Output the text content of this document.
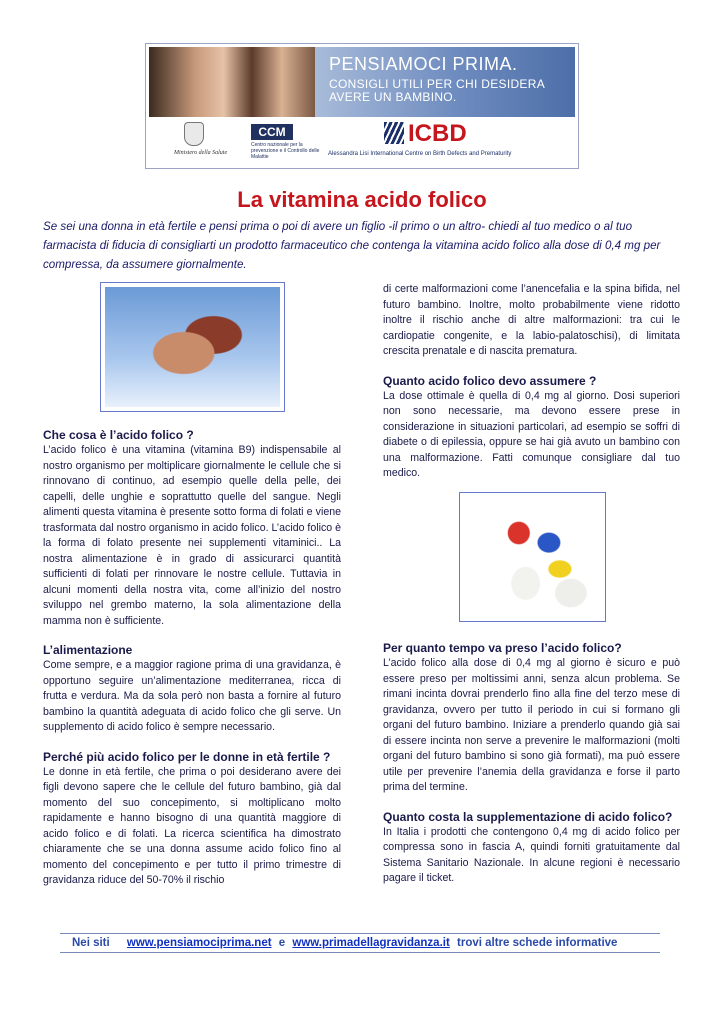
PENSIAMOCI PRIMA.
CONSIGLI UTILI PER CHI DESIDERA AVERE UN BAMBINO.
Ministero della Salute
CCM
Centro nazionale per la prevenzione e il Controllo delle Malattie
ICBD
Alessandra Lisi International Centre on Birth Defects and Prematurity
La vitamina acido folico

Se sei una donna in età fertile e pensi prima o poi di avere un figlio -il primo o un altro- chiedi al tuo medico o al tuo farmacista di fiducia di consigliarti un prodotto farmaceutico che contenga la vitamina acido folico alla dose di 0,4 mg per compressa, da assumere giornalmente.

Che cosa è l’acido folico ?

L’acido folico è una vitamina (vitamina B9) indispensabile al nostro organismo per moltiplicare giornalmente le cellule che si rinnovano di continuo, ad esempio quelle della pelle, dei capelli, delle unghie e soprattutto quelle del sangue. Negli alimenti questa vitamina è presente sotto forma di folati e viene trasformata dal nostro organismo in acido folico. L’acido folico è la forma di folato presente nei supplementi vitaminici.. La nostra alimentazione è in grado di assicurarci quantità sufficienti di folati per rinnovare le nostre cellule. Tuttavia in alcuni momenti della nostra vita, come all’inizio del nostro sviluppo nel grembo materno, la sola alimentazione della mamma non è sufficiente.

L’alimentazione

Come sempre, e a maggior ragione prima di una gravidanza, è opportuno seguire un’alimentazione mediterranea, ricca di frutta e verdura. Ma da sola però non basta a fornire al futuro bambino la quantità adeguata di acido folico che gli serve. Un supplemento di acido folico è sempre necessario.

Perché più acido folico per le donne in età fertile ?

Le donne in età fertile, che prima o poi desiderano avere dei figli devono sapere che le cellule del futuro bambino, già dal momento del suo concepimento, si moltiplicano molto rapidamente e hanno bisogno di una quantità maggiore di acido folico e di folati. La ricerca scientifica ha dimostrato chiaramente che se una donna assume acido folico fino al momento del concepimento e per tutto il primo trimestre di gravidanza riduce del 50-70% il rischio

di certe malformazioni come l’anencefalia e la spina bifida, nel futuro bambino. Inoltre, molto probabilmente viene ridotto inoltre il rischio anche di altre malformazioni: tra cui le cardiopatie congenite, e la labio-palatoschisi), di limitata crescita prenatale e di nascita prematura.

Quanto acido folico devo assumere ?

La dose ottimale è quella di 0,4 mg al giorno. Dosi superiori non sono necessarie, ma devono essere prese in considerazione in situazioni particolari, ad esempio se soffri di diabete o di epilessia, oppure se hai già avuto un bambino con una malformazione. Fatti comunque consigliare dal tuo medico.

Per quanto tempo va preso l’acido folico?

L’acido folico alla dose di 0,4 mg al giorno è sicuro e può essere preso per moltissimi anni, senza alcun problema. Se rimani incinta dovrai prenderlo fino alla fine del terzo mese di gravidanza, ovvero per tutto il periodo in cui si formano gli organi del futuro bambino. Iniziare a prenderlo quando già sai di essere incinta non serve a prevenire le malformazioni (molti organi del futuro bambino si sono già formati), ma può essere utile per prevenire l’anemia della gravidanza e forse il parto prima del termine.

Quanto costa la supplementazione di acido folico?

In Italia i prodotti che contengono 0,4 mg di acido folico per compressa sono in fascia A, quindi forniti gratuitamente dal Sistema Sanitario Nazionale. In alcune regioni è necessario pagare il ticket.

Nei siti www.pensiamociprima.net e www.primadellagravidanza.it trovi altre schede informative
